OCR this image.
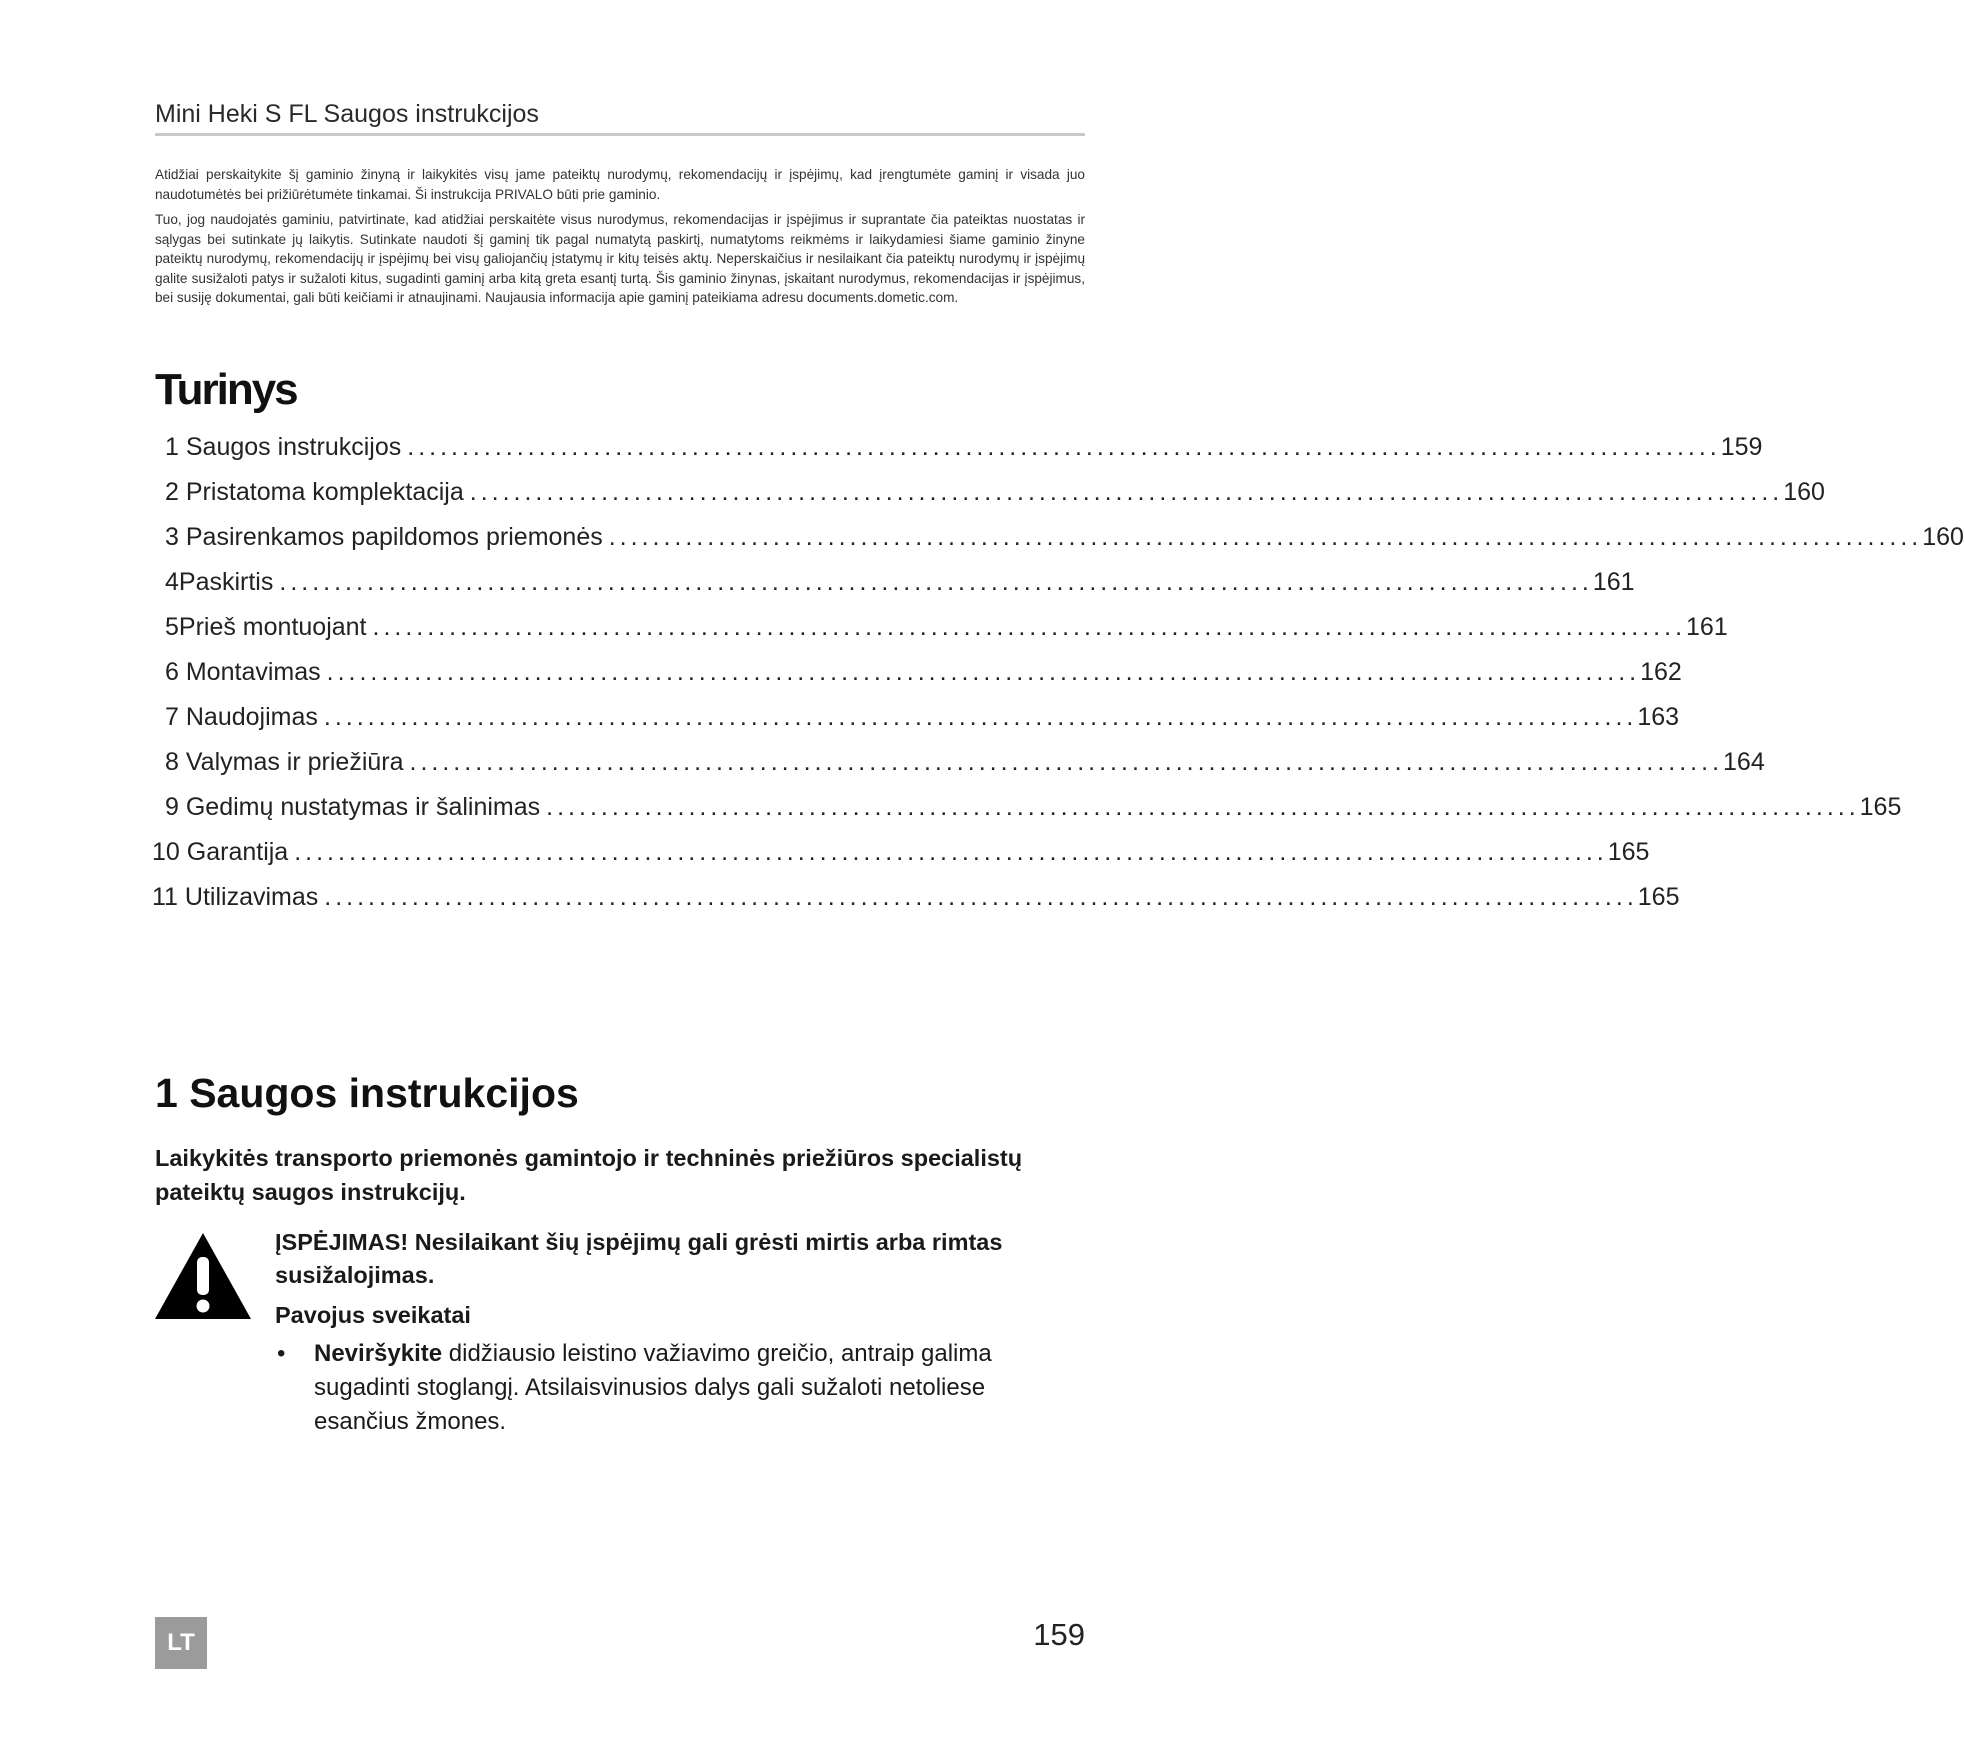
Mini Heki S FL Saugos instrukcijos

Atidžiai perskaitykite šį gaminio žinyną ir laikykitės visų jame pateiktų nurodymų, rekomendacijų ir įspėjimų, kad įrengtumėte gaminį ir visada juo naudotumėtės bei prižiūrėtumėte tinkamai. Ši instrukcija PRIVALO būti prie gaminio.

Tuo, jog naudojatės gaminiu, patvirtinate, kad atidžiai perskaitėte visus nurodymus, rekomendacijas ir įspėjimus ir suprantate čia pateiktas nuostatas ir sąlygas bei sutinkate jų laikytis. Sutinkate naudoti šį gaminį tik pagal numatytą paskirtį, numatytoms reikmėms ir laikydamiesi šiame gaminio žinyne pateiktų nurodymų, rekomendacijų ir įspėjimų bei visų galiojančių įstatymų ir kitų teisės aktų. Neperskaičius ir nesilaikant čia pateiktų nurodymų ir įspėjimų galite susižaloti patys ir sužaloti kitus, sugadinti gaminį arba kitą greta esantį turtą. Šis gaminio žinynas, įskaitant nurodymus, rekomendacijas ir įspėjimus, bei susiję dokumentai, gali būti keičiami ir atnaujinami. Naujausia informacija apie gaminį pateikiama adresu documents.dometic.com.

Turinys
1
Saugos instrukcijos ........................................................................................................................ 159
2
Pristatoma komplektacija ........................................................................................................................ 160
3
Pasirenkamos papildomos priemonės ........................................................................................................................ 160
4 Paskirtis ........................................................................................................................ 161
5 Prieš montuojant ........................................................................................................................ 161
6
Montavimas ........................................................................................................................ 162
7
Naudojimas ........................................................................................................................ 163
8
Valymas ir priežiūra ........................................................................................................................ 164
9
Gedimų nustatymas ir šalinimas ........................................................................................................................ 165
10
Garantija ........................................................................................................................ 165
11
Utilizavimas ........................................................................................................................ 165
1 Saugos instrukcijos
Laikykitės transporto priemonės gamintojo ir techninės priežiūros specialistų pateiktų saugos instrukcijų.

ĮSPĖJIMAS! Nesilaikant šių įspėjimų gali grėsti mirtis arba rimtas susižalojimas.

Pavojus sveikatai
•	Neviršykite didžiausio leistino važiavimo greičio, antraip galima sugadinti stoglangį. Atsilaisvinusios dalys gali sužaloti netoliese esančius žmones.
LT	159
